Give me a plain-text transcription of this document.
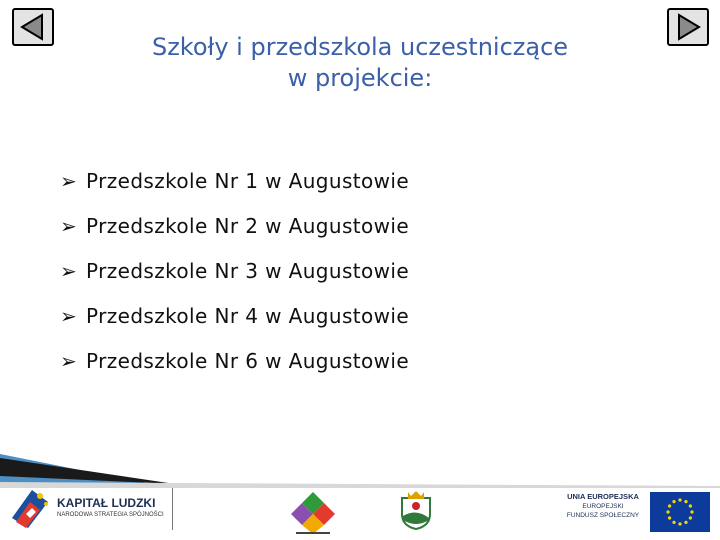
Szkoły i przedszkola uczestniczące
w projekcie:
➢ Przedszkole Nr 1 w Augustowie
➢ Przedszkole Nr 2 w Augustowie
➢ Przedszkole Nr 3 w Augustowie
➢ Przedszkole Nr 4 w Augustowie
➢ Przedszkole Nr 6 w Augustowie
KAPITAŁ LUDZKI
NARODOWA STRATEGIA SPÓJNOŚCI
UNIA EUROPEJSKA
EUROPEJSKI
FUNDUSZ SPOŁECZNY
